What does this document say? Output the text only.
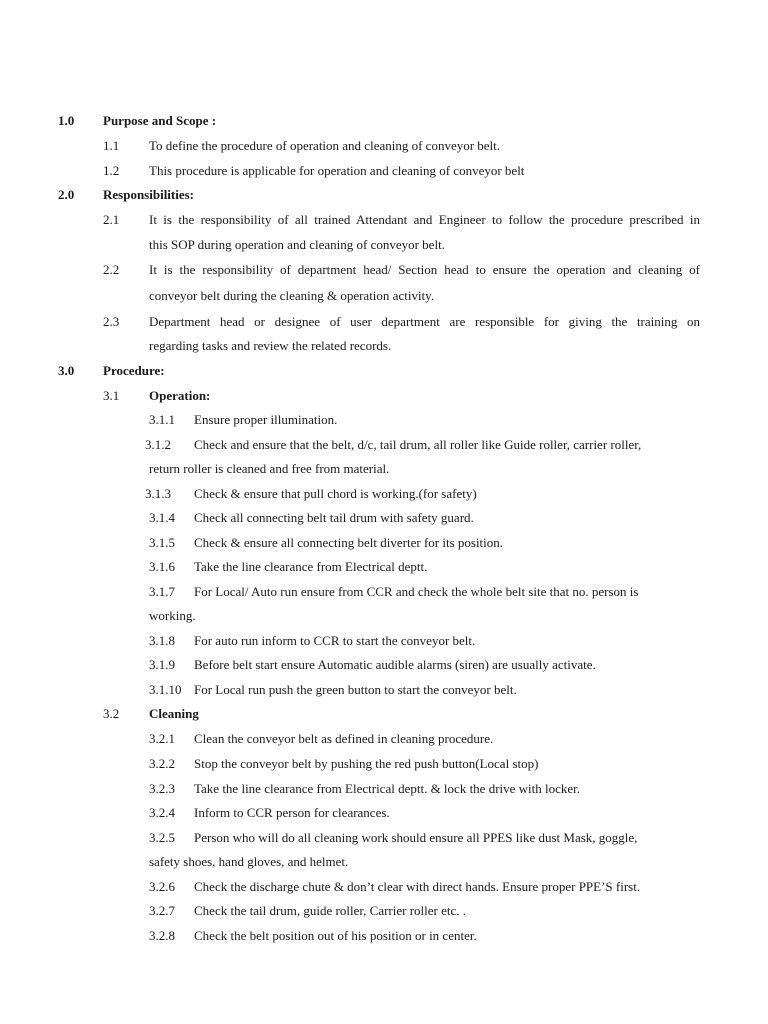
1.0 Purpose and Scope :
1.1 To define the procedure of operation and cleaning of conveyor belt.
1.2 This procedure is applicable for operation and cleaning of conveyor belt
2.0 Responsibilities:
2.1 It is the responsibility of all trained Attendant and Engineer to follow the procedure prescribed in
this SOP during operation and cleaning of conveyor belt.
2.2 It is the responsibility of department head/ Section head to ensure the operation and cleaning of
conveyor belt during the cleaning & operation activity.
2.3 Department head or designee of user department are responsible for giving the training on
regarding tasks and review the related records.
3.0 Procedure:
3.1 Operation:
3.1.1 Ensure proper illumination.
3.1.2 Check and ensure that the belt, d/c, tail drum, all roller like Guide roller, carrier roller,
return roller is cleaned and free from material.
3.1.3 Check & ensure that pull chord is working.(for safety)
3.1.4 Check all connecting belt tail drum with safety guard.
3.1.5 Check & ensure all connecting belt diverter for its position.
3.1.6 Take the line clearance from Electrical deptt.
3.1.7 For Local/ Auto run ensure from CCR and check the whole belt site that no. person is
working.
3.1.8 For auto run inform to CCR to start the conveyor belt.
3.1.9 Before belt start ensure Automatic audible alarms (siren) are usually activate.
3.1.10 For Local run push the green button to start the conveyor belt.
3.2 Cleaning
3.2.1 Clean the conveyor belt as defined in cleaning procedure.
3.2.2 Stop the conveyor belt by pushing the red push button(Local stop)
3.2.3 Take the line clearance from Electrical deptt. & lock the drive with locker.
3.2.4 Inform to CCR person for clearances.
3.2.5 Person who will do all cleaning work should ensure all PPES like dust Mask, goggle,
safety shoes, hand gloves, and helmet.
3.2.6 Check the discharge chute & don’t clear with direct hands. Ensure proper PPE’S first.
3.2.7 Check the tail drum, guide roller, Carrier roller etc. .
3.2.8 Check the belt position out of his position or in center.
